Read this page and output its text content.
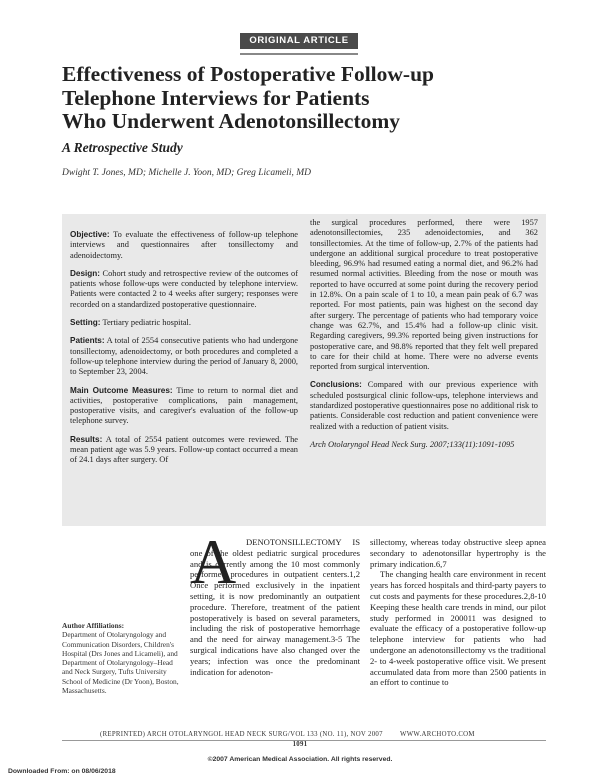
ORIGINAL ARTICLE
Effectiveness of Postoperative Follow-up
Telephone Interviews for Patients
Who Underwent Adenotonsillectomy
A Retrospective Study
Dwight T. Jones, MD; Michelle J. Yoon, MD; Greg Licameli, MD

Objective: To evaluate the effectiveness of follow-up telephone interviews and questionnaires after tonsillectomy and adenoidectomy.

Design: Cohort study and retrospective review of the outcomes of patients whose follow-ups were conducted by telephone interview. Patients were contacted 2 to 4 weeks after surgery; responses were recorded on a standardized postoperative questionnaire.

Setting: Tertiary pediatric hospital.

Patients: A total of 2554 consecutive patients who had undergone tonsillectomy, adenoidectomy, or both procedures and completed a follow-up telephone interview during the period of January 8, 2000, to September 23, 2004.

Main Outcome Measures: Time to return to normal diet and activities, postoperative complications, pain management, postoperative visits, and caregiver's evaluation of the follow-up telephone survey.

Results: A total of 2554 patient outcomes were reviewed. The mean patient age was 5.9 years. Follow-up contact occurred a mean of 24.1 days after surgery. Of

the surgical procedures performed, there were 1957 adenotonsillectomies, 235 adenoidectomies, and 362 tonsillectomies. At the time of follow-up, 2.7% of the patients had undergone an additional surgical procedure to treat postoperative bleeding, 96.9% had resumed eating a normal diet, and 96.2% had resumed normal activities. Bleeding from the nose or mouth was reported to have occurred at some point during the recovery period in 12.8%. On a pain scale of 1 to 10, a mean pain peak of 6.7 was reported. For most patients, pain was highest on the second day after surgery. The percentage of patients who had temporary voice change was 62.7%, and 15.4% had a follow-up clinic visit. Regarding caregivers, 99.3% reported being given instructions for postoperative care, and 98.8% reported that they felt well prepared to care for their child at home. There were no adverse events reported from surgical intervention.

Conclusions: Compared with our previous experience with scheduled postsurgical clinic follow-ups, telephone interviews and standardized postoperative questionnaires pose no additional risk to patients. Considerable cost reduction and patient convenience were realized with a reduction of patient visits.

Arch Otolaryngol Head Neck Surg. 2007;133(11):1091-1095

A	DENOTONSILLECTOMY IS one of the oldest pediatric surgical procedures and is currently among the 10 most commonly performed procedures in outpatient centers.1,2 Once performed exclusively in the inpatient setting, it is now predominantly an outpatient procedure. Therefore, treatment of the patient postoperatively is based on several parameters, including the risk of postoperative hemorrhage and the need for airway management.3-5 The surgical indications have also changed over the years; infection was once the predominant indication for adenoton-

sillectomy, whereas today obstructive sleep apnea secondary to adenotonsillar hypertrophy is the primary indication.6,7

The changing health care environment in recent years has forced hospitals and third-party payers to cut costs and payments for these procedures.2,8-10 Keeping these health care trends in mind, our pilot study performed in 200011 was designed to evaluate the efficacy of a postoperative follow-up telephone interview for patients who had undergone an adenotonsillectomy vs the traditional 2- to 4-week postoperative office visit. We present accumulated data from more than 2500 patients in an effort to continue to

Author Affiliations:
Department of Otolaryngology and Communication Disorders, Children's Hospital (Drs Jones and Licameli), and Department of Otolaryngology–Head and Neck Surgery, Tufts University School of Medicine (Dr Yoon), Boston, Massachusetts.
(REPRINTED) ARCH OTOLARYNGOL HEAD NECK SURG/VOL 133 (NO. 11), NOV 2007	WWW.ARCHOTO.COM
1091
©2007 American Medical Association. All rights reserved.
Downloaded From: on 08/06/2018
